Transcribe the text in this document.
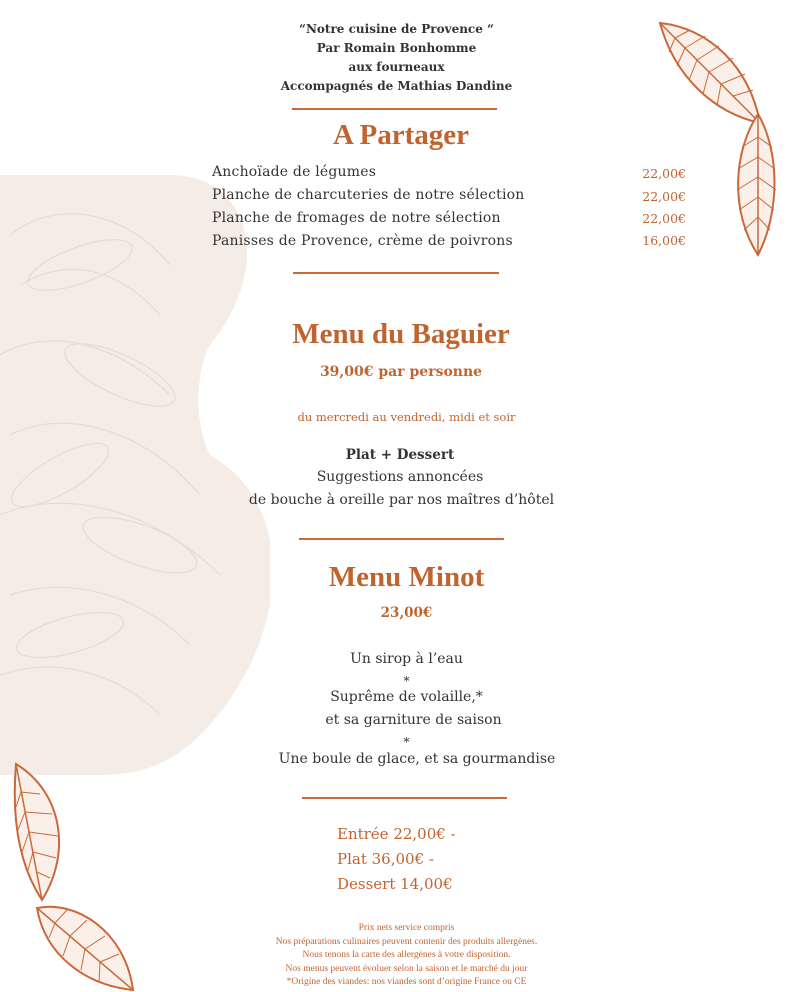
“Notre cuisine de Provence “
Par Romain Bonhomme
aux fourneaux
Accompagnés de Mathias Dandine
A Partager
Anchoïade de légumes	22,00€
Planche de charcuteries de notre sélection	22,00€
Planche de fromages de notre sélection	22,00€
Panisses de Provence, crème de poivrons	16,00€
Menu du Baguier
39,00€ par personne
du mercredi au vendredi, midi et soir
Plat + Dessert
Suggestions annoncées
de bouche à oreille par nos maîtres d’hôtel
Menu Minot
23,00€
Un sirop à l’eau
*
Suprême de volaille,*
et sa garniture de saison
*
Une boule de glace, et sa gourmandise
Entrée 22,00€ -
Plat 36,00€ -
Dessert 14,00€
Prix nets service compris
Nos préparations culinaires peuvent contenir des produits allergènes.
Nous tenons la carte des allergènes à votre disposition.
Nos menus peuvent évoluer selon la saison et le marché du jour
*Origine des viandes: nos viandes sont d’origine France ou CE
